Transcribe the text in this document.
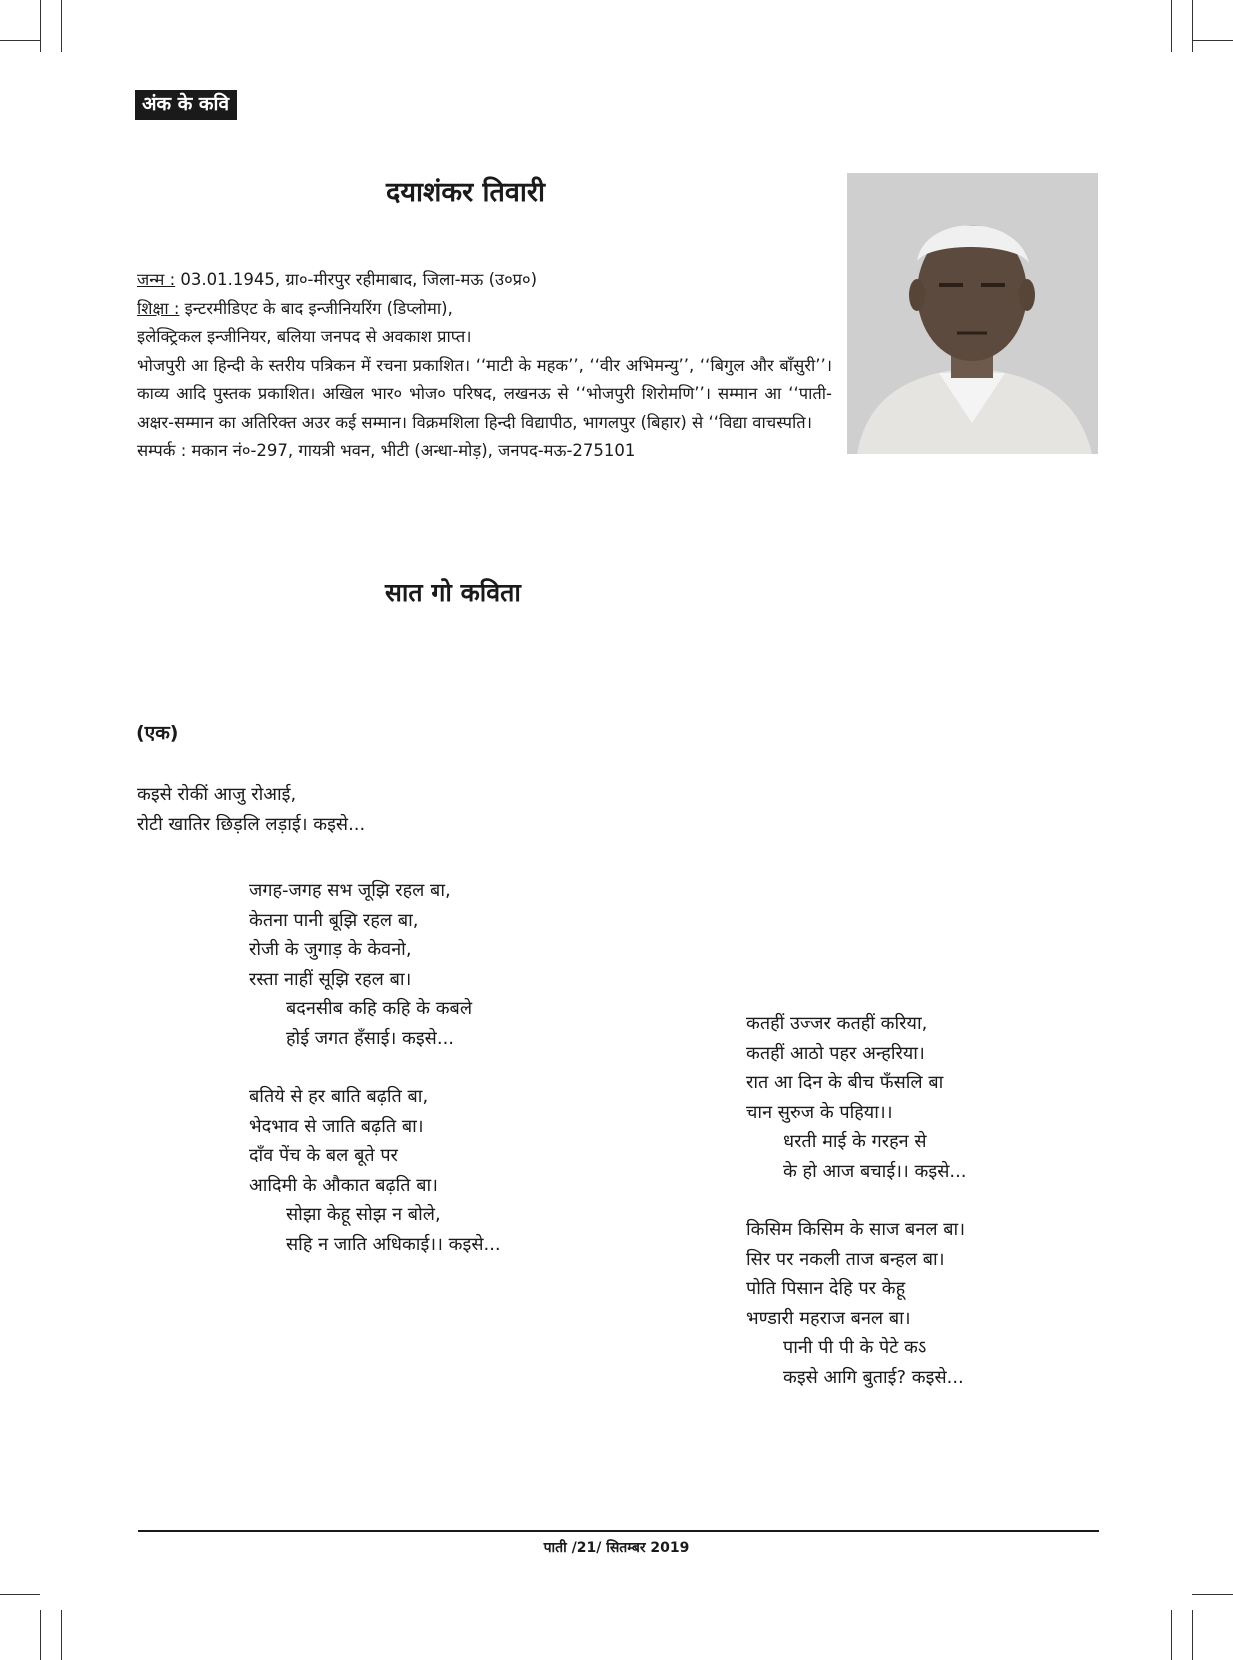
अंक के कवि
दयाशंकर तिवारी

जन्म : 03.01.1945, ग्रा०-मीरपुर रहीमाबाद, जिला-मऊ (उ०प्र०)

शिक्षा : इन्टरमीडिएट के बाद इन्जीनियरिंग (डिप्लोमा),

इलेक्ट्रिकल इन्जीनियर, बलिया जनपद से अवकाश प्राप्त।

भोजपुरी आ हिन्दी के स्तरीय पत्रिकन में रचना प्रकाशित। ‘‘माटी के महक’’, ‘‘वीर अभिमन्यु’’, ‘‘बिगुल और बाँसुरी’’। काव्य आदि पुस्तक प्रकाशित। अखिल भार० भोज० परिषद, लखनऊ से ‘‘भोजपुरी शिरोमणि’’। सम्मान आ ‘‘पाती-अक्षर-सम्मान का अतिरिक्त अउर कई सम्मान। विक्रमशिला हिन्दी विद्यापीठ, भागलपुर (बिहार) से ‘‘विद्या वाचस्पति।

सम्पर्क : मकान नं०-297, गायत्री भवन, भीटी (अन्धा-मोड़), जनपद-मऊ-275101

सात गो कविता
(एक)
कइसे रोकीं आजु रोआई,
रोटी खातिर छिड़लि लड़ाई। कइसे...
जगह-जगह सभ जूझि रहल बा,
केतना पानी बूझि रहल बा,
रोजी के जुगाड़ के केवनो,
रस्ता नाहीं सूझि रहल बा।
बदनसीब कहि कहि के कबले
होई जगत हँसाई। कइसे...
बतिये से हर बाति बढ़ति बा,
भेदभाव से जाति बढ़ति बा।
दाँव पेंच के बल बूते पर
आदिमी के औकात बढ़ति बा।
सोझा केहू सोझ न बोले,
सहि न जाति अधिकाई।। कइसे...
कतहीं उज्जर कतहीं करिया,
कतहीं आठो पहर अन्हरिया।
रात आ दिन के बीच फँसलि बा
चान सुरुज के पहिया।।
धरती माई के गरहन से
के हो आज बचाई।। कइसे...
किसिम किसिम के साज बनल बा।
सिर पर नकली ताज बन्हल बा।
पोति पिसान देहि पर केहू
भण्डारी महराज बनल बा।
पानी पी पी के पेटे कऽ
कइसे आगि बुताई? कइसे...
पाती /21/ सितम्बर 2019
